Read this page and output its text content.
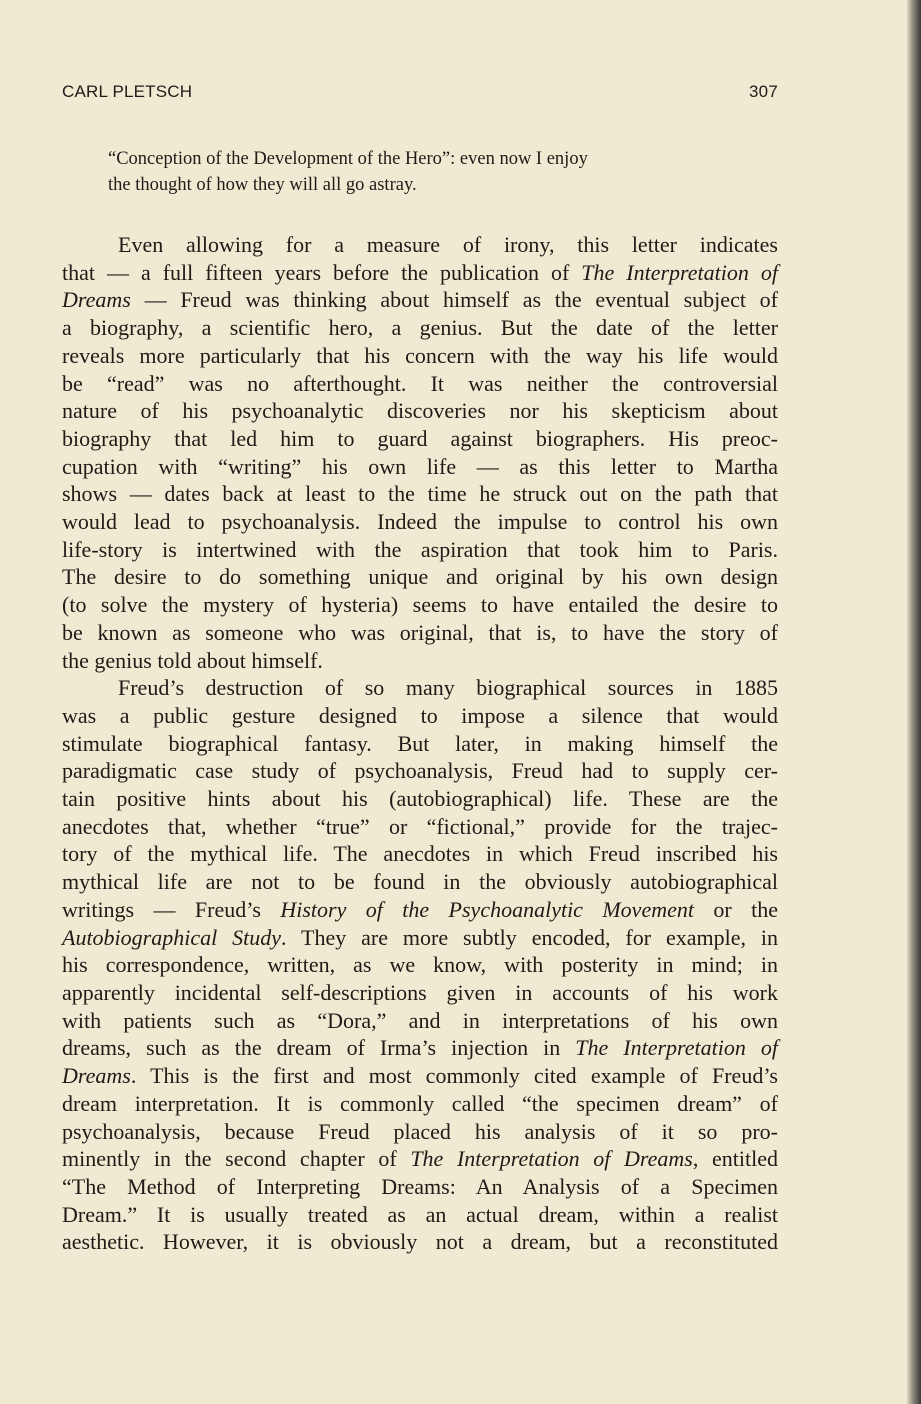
CARL PLETSCH	307
“Conception of the Development of the Hero”: even now I enjoy
the thought of how they will all go astray.
Even allowing for a measure of irony, this letter indicates
that — a full fifteen years before the publication of The Interpretation of
Dreams — Freud was thinking about himself as the eventual subject of
a biography, a scientific hero, a genius. But the date of the letter
reveals more particularly that his concern with the way his life would
be “read” was no afterthought. It was neither the controversial
nature of his psychoanalytic discoveries nor his skepticism about
biography that led him to guard against biographers. His preoc-
cupation with “writing” his own life — as this letter to Martha
shows — dates back at least to the time he struck out on the path that
would lead to psychoanalysis. Indeed the impulse to control his own
life-story is intertwined with the aspiration that took him to Paris.
The desire to do something unique and original by his own design
(to solve the mystery of hysteria) seems to have entailed the desire to
be known as someone who was original, that is, to have the story of
the genius told about himself.
Freud’s destruction of so many biographical sources in 1885
was a public gesture designed to impose a silence that would
stimulate biographical fantasy. But later, in making himself the
paradigmatic case study of psychoanalysis, Freud had to supply cer-
tain positive hints about his (autobiographical) life. These are the
anecdotes that, whether “true” or “fictional,” provide for the trajec-
tory of the mythical life. The anecdotes in which Freud inscribed his
mythical life are not to be found in the obviously autobiographical
writings — Freud’s History of the Psychoanalytic Movement or the
Autobiographical Study. They are more subtly encoded, for example, in
his correspondence, written, as we know, with posterity in mind; in
apparently incidental self-descriptions given in accounts of his work
with patients such as “Dora,” and in interpretations of his own
dreams, such as the dream of Irma’s injection in The Interpretation of
Dreams. This is the first and most commonly cited example of Freud’s
dream interpretation. It is commonly called “the specimen dream” of
psychoanalysis, because Freud placed his analysis of it so pro-
minently in the second chapter of The Interpretation of Dreams, entitled
“The Method of Interpreting Dreams: An Analysis of a Specimen
Dream.” It is usually treated as an actual dream, within a realist
aesthetic. However, it is obviously not a dream, but a reconstituted
